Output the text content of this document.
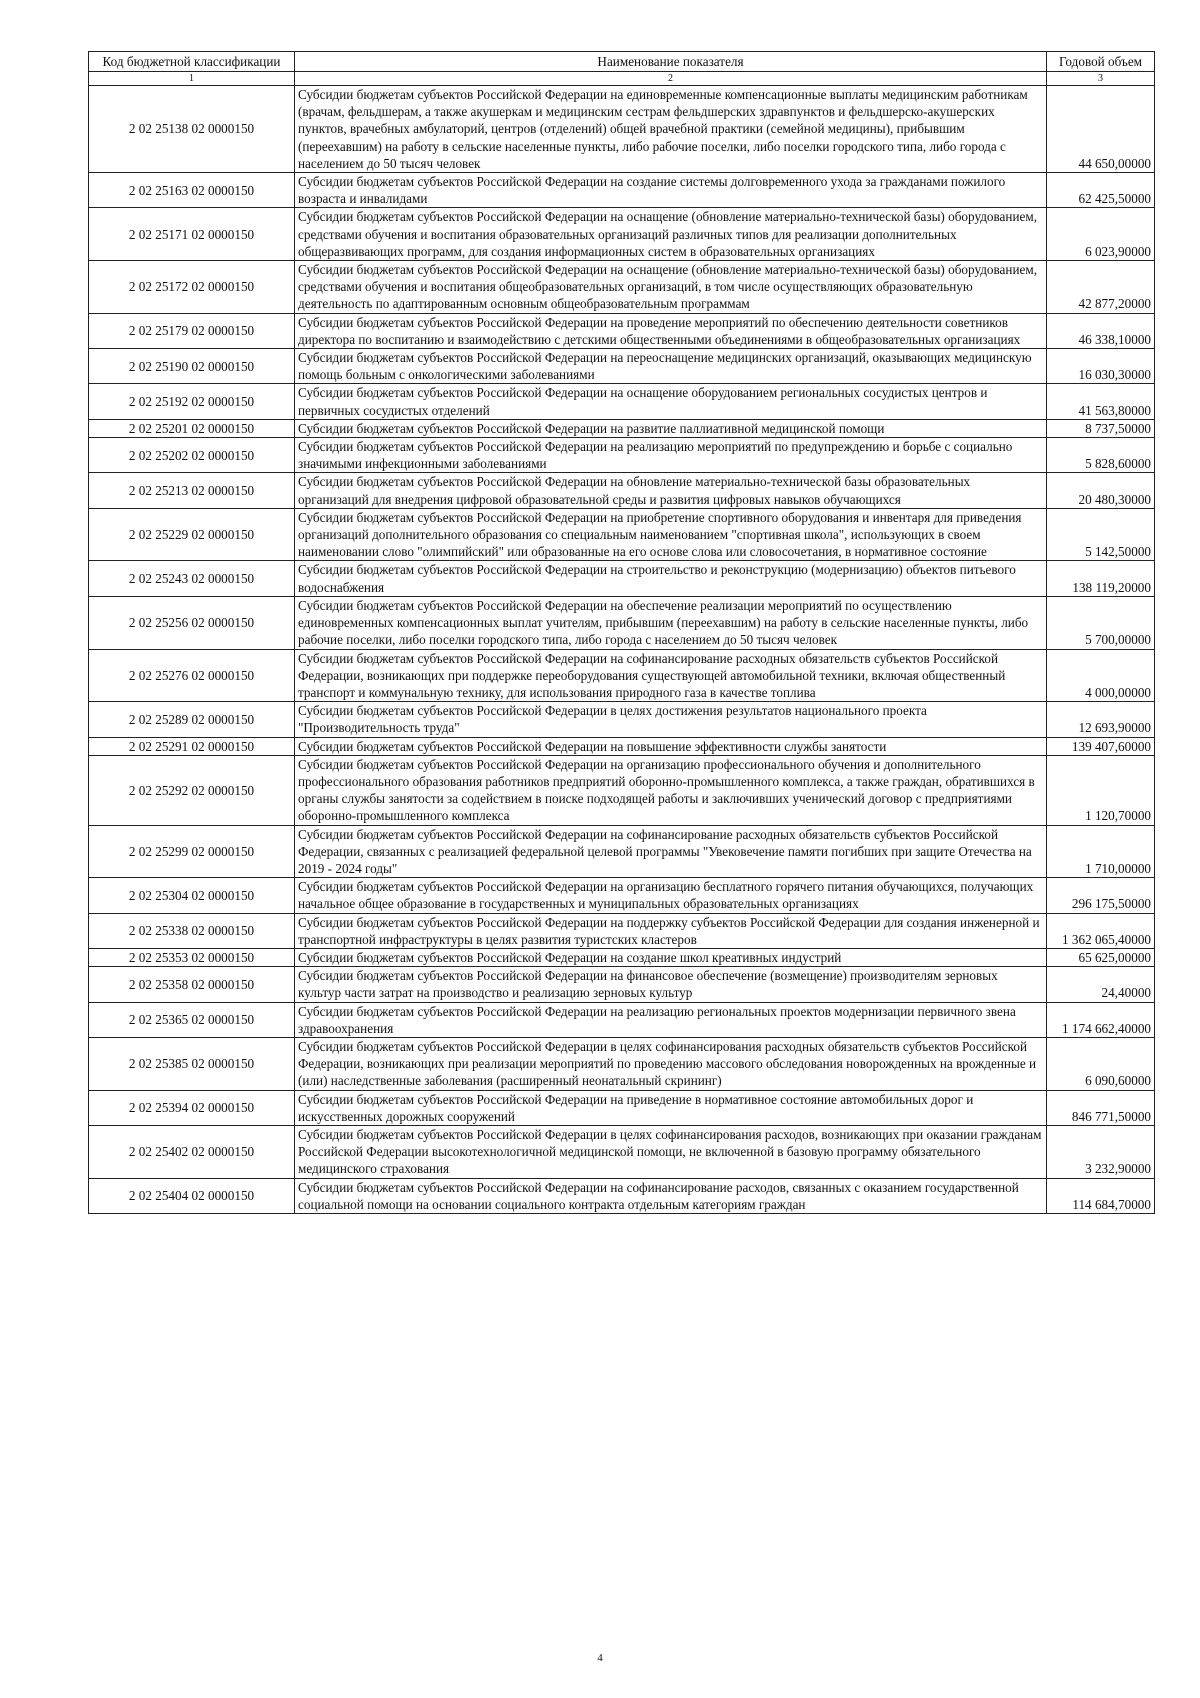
Код бюджетной классификации	Наименование показателя	Годовой объем
1	2	3
2 02 25138 02 0000150	Субсидии бюджетам субъектов Российской Федерации на единовременные компенсационные выплаты медицинским работникам (врачам, фельдшерам, а также акушеркам и медицинским сестрам фельдшерских здравпунктов и фельдшерско-акушерских пунктов, врачебных амбулаторий, центров (отделений) общей врачебной практики (семейной медицины), прибывшим (переехавшим) на работу в сельские населенные пункты, либо рабочие поселки, либо поселки городского типа, либо города с населением до 50 тысяч человек	44 650,00000
2 02 25163 02 0000150	Субсидии бюджетам субъектов Российской Федерации на создание системы долговременного ухода за гражданами пожилого возраста и инвалидами	62 425,50000
2 02 25171 02 0000150	Субсидии бюджетам субъектов Российской Федерации на оснащение (обновление материально-технической базы) оборудованием, средствами обучения и воспитания образовательных организаций различных типов для реализации дополнительных общеразвивающих программ, для создания информационных систем в образовательных организациях	6 023,90000
2 02 25172 02 0000150	Субсидии бюджетам субъектов Российской Федерации на оснащение (обновление материально-технической базы) оборудованием, средствами обучения и воспитания общеобразовательных организаций, в том числе осуществляющих образовательную деятельность по адаптированным основным общеобразовательным программам	42 877,20000
2 02 25179 02 0000150	Субсидии бюджетам субъектов Российской Федерации на проведение мероприятий по обеспечению деятельности советников директора по воспитанию и взаимодействию с детскими общественными объединениями в общеобразовательных организациях	46 338,10000
2 02 25190 02 0000150	Субсидии бюджетам субъектов Российской Федерации на переоснащение медицинских организаций, оказывающих медицинскую помощь больным с онкологическими заболеваниями	16 030,30000
2 02 25192 02 0000150	Субсидии бюджетам субъектов Российской Федерации на оснащение оборудованием региональных сосудистых центров и первичных сосудистых отделений	41 563,80000
2 02 25201 02 0000150	Субсидии бюджетам субъектов Российской Федерации на развитие паллиативной медицинской помощи	8 737,50000
2 02 25202 02 0000150	Субсидии бюджетам субъектов Российской Федерации на реализацию мероприятий по предупреждению и борьбе с социально значимыми инфекционными заболеваниями	5 828,60000
2 02 25213 02 0000150	Субсидии бюджетам субъектов Российской Федерации на обновление материально-технической базы образовательных организаций для внедрения цифровой образовательной среды и развития цифровых навыков обучающихся	20 480,30000
2 02 25229 02 0000150	Субсидии бюджетам субъектов Российской Федерации на приобретение спортивного оборудования и инвентаря для приведения организаций дополнительного образования со специальным наименованием "спортивная школа", использующих в своем наименовании слово "олимпийский" или образованные на его основе слова или словосочетания, в нормативное состояние	5 142,50000
2 02 25243 02 0000150	Субсидии бюджетам субъектов Российской Федерации на строительство и реконструкцию (модернизацию) объектов питьевого водоснабжения	138 119,20000
2 02 25256 02 0000150	Субсидии бюджетам субъектов Российской Федерации на обеспечение реализации мероприятий по осуществлению единовременных компенсационных выплат учителям, прибывшим (переехавшим) на работу в сельские населенные пункты, либо рабочие поселки, либо поселки городского типа, либо города с населением до 50 тысяч человек	5 700,00000
2 02 25276 02 0000150	Субсидии бюджетам субъектов Российской Федерации на софинансирование расходных обязательств субъектов Российской Федерации, возникающих при поддержке переоборудования существующей автомобильной техники, включая общественный транспорт и коммунальную технику, для использования природного газа в качестве топлива	4 000,00000
2 02 25289 02 0000150	Субсидии бюджетам субъектов Российской Федерации в целях достижения результатов национального проекта "Производительность труда"	12 693,90000
2 02 25291 02 0000150	Субсидии бюджетам субъектов Российской Федерации на повышение эффективности службы занятости	139 407,60000
2 02 25292 02 0000150	Субсидии бюджетам субъектов Российской Федерации на организацию профессионального обучения и дополнительного профессионального образования работников предприятий оборонно-промышленного комплекса, а также граждан, обратившихся в органы службы занятости за содействием в поиске подходящей работы и заключивших ученический договор с предприятиями оборонно-промышленного комплекса	1 120,70000
2 02 25299 02 0000150	Субсидии бюджетам субъектов Российской Федерации на софинансирование расходных обязательств субъектов Российской Федерации, связанных с реализацией федеральной целевой программы "Увековечение памяти погибших при защите Отечества на 2019 - 2024 годы"	1 710,00000
2 02 25304 02 0000150	Субсидии бюджетам субъектов Российской Федерации на организацию бесплатного горячего питания обучающихся, получающих начальное общее образование в государственных и муниципальных образовательных организациях	296 175,50000
2 02 25338 02 0000150	Субсидии бюджетам субъектов Российской Федерации на поддержку субъектов Российской Федерации для создания инженерной и транспортной инфраструктуры в целях развития туристских кластеров	1 362 065,40000
2 02 25353 02 0000150	Субсидии бюджетам субъектов Российской Федерации на создание школ креативных индустрий	65 625,00000
2 02 25358 02 0000150	Субсидии бюджетам субъектов Российской Федерации на финансовое обеспечение (возмещение) производителям зерновых культур части затрат на производство и реализацию зерновых культур	24,40000
2 02 25365 02 0000150	Субсидии бюджетам субъектов Российской Федерации на реализацию региональных проектов модернизации первичного звена здравоохранения	1 174 662,40000
2 02 25385 02 0000150	Субсидии бюджетам субъектов Российской Федерации в целях софинансирования расходных обязательств субъектов Российской Федерации, возникающих при реализации мероприятий по проведению массового обследования новорожденных на врожденные и (или) наследственные заболевания (расширенный неонатальный скрининг)	6 090,60000
2 02 25394 02 0000150	Субсидии бюджетам субъектов Российской Федерации на приведение в нормативное состояние автомобильных дорог и искусственных дорожных сооружений	846 771,50000
2 02 25402 02 0000150	Субсидии бюджетам субъектов Российской Федерации в целях софинансирования расходов, возникающих при оказании гражданам Российской Федерации высокотехнологичной медицинской помощи, не включенной в базовую программу обязательного медицинского страхования	3 232,90000
2 02 25404 02 0000150	Субсидии бюджетам субъектов Российской Федерации на софинансирование расходов, связанных с оказанием государственной социальной помощи на основании социального контракта отдельным категориям граждан	114 684,70000
4
